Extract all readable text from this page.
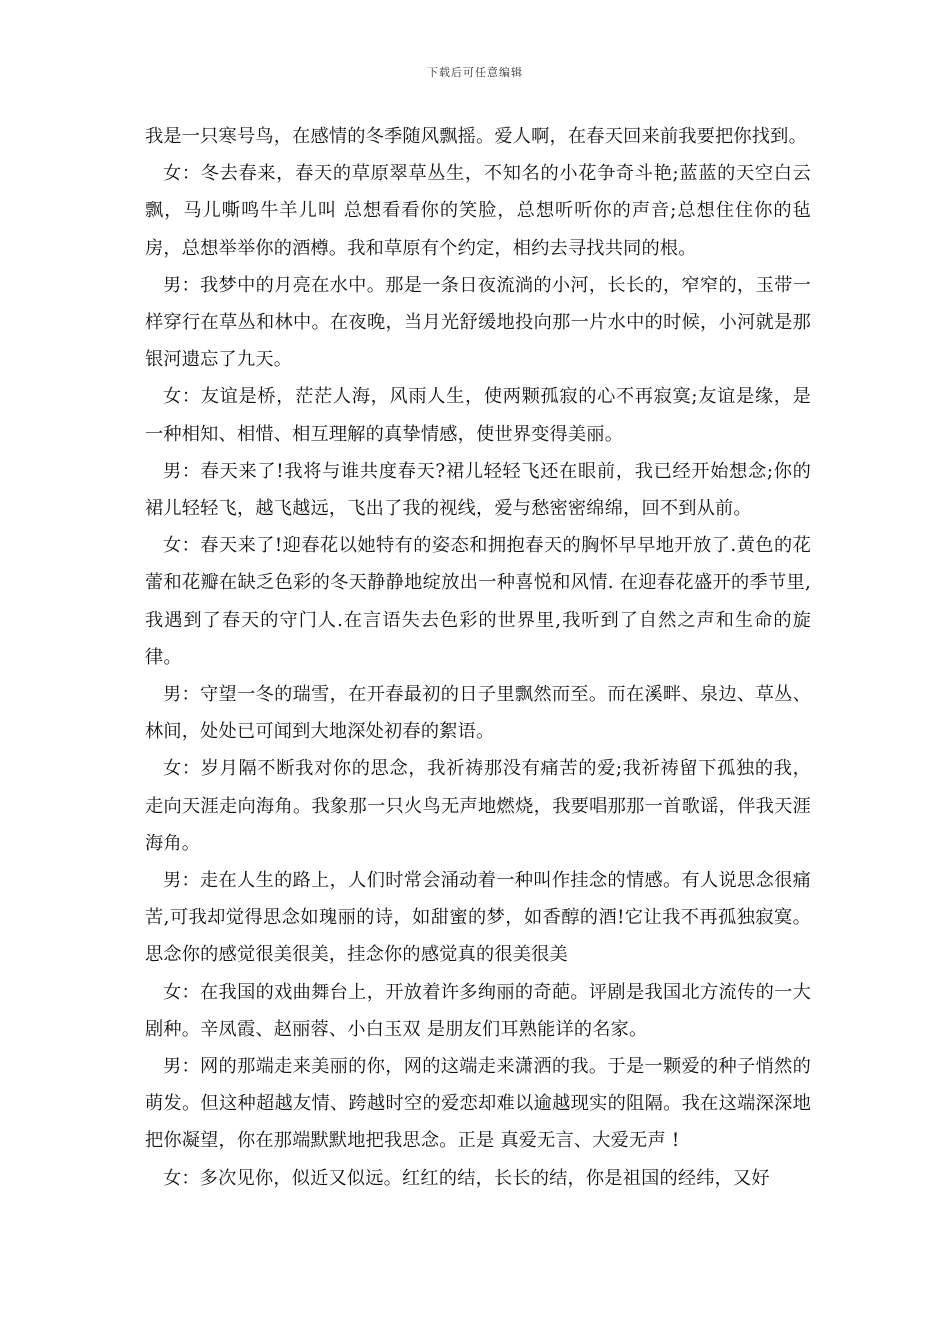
下载后可任意编辑

我是一只寒号鸟，在感情的冬季随风飘摇。爱人啊，在春天回来前我要把你找到。

女：冬去春来，春天的草原翠草丛生，不知名的小花争奇斗艳;蓝蓝的天空白云飘，马儿嘶鸣牛羊儿叫 总想看看你的笑脸，总想听听你的声音;总想住住你的毡房，总想举举你的酒樽。我和草原有个约定，相约去寻找共同的根。

男：我梦中的月亮在水中。那是一条日夜流淌的小河，长长的，窄窄的，玉带一样穿行在草丛和林中。在夜晚，当月光舒缓地投向那一片水中的时候，小河就是那银河遗忘了九天。

女：友谊是桥，茫茫人海，风雨人生，使两颗孤寂的心不再寂寞;友谊是缘，是一种相知、相惜、相互理解的真挚情感，使世界变得美丽。

男：春天来了!我将与谁共度春天?裙儿轻轻飞还在眼前，我已经开始想念;你的裙儿轻轻飞，越飞越远，飞出了我的视线，爱与愁密密绵绵，回不到从前。

女：春天来了!迎春花以她特有的姿态和拥抱春天的胸怀早早地开放了.黄色的花蕾和花瓣在缺乏色彩的冬天静静地绽放出一种喜悦和风情. 在迎春花盛开的季节里,我遇到了春天的守门人.在言语失去色彩的世界里,我听到了自然之声和生命的旋律。

男：守望一冬的瑞雪，在开春最初的日子里飘然而至。而在溪畔、泉边、草丛、林间，处处已可闻到大地深处初春的絮语。

女：岁月隔不断我对你的思念，我祈祷那没有痛苦的爱;我祈祷留下孤独的我，走向天涯走向海角。我象那一只火鸟无声地燃烧，我要唱那那一首歌谣，伴我天涯海角。

男：走在人生的路上，人们时常会涌动着一种叫作挂念的情感。有人说思念很痛苦,可我却觉得思念如瑰丽的诗，如甜蜜的梦，如香醇的酒!它让我不再孤独寂寞。思念你的感觉很美很美，挂念你的感觉真的很美很美

女：在我国的戏曲舞台上，开放着许多绚丽的奇葩。评剧是我国北方流传的一大剧种。辛凤霞、赵丽蓉、小白玉双 是朋友们耳熟能详的名家。

男：网的那端走来美丽的你，网的这端走来潇洒的我。于是一颗爱的种子悄然的萌发。但这种超越友情、跨越时空的爱恋却难以逾越现实的阻隔。我在这端深深地把你凝望，你在那端默默地把我思念。正是 真爱无言、大爱无声 !

女：多次见你，似近又似远。红红的结，长长的结，你是祖国的经纬，又好
